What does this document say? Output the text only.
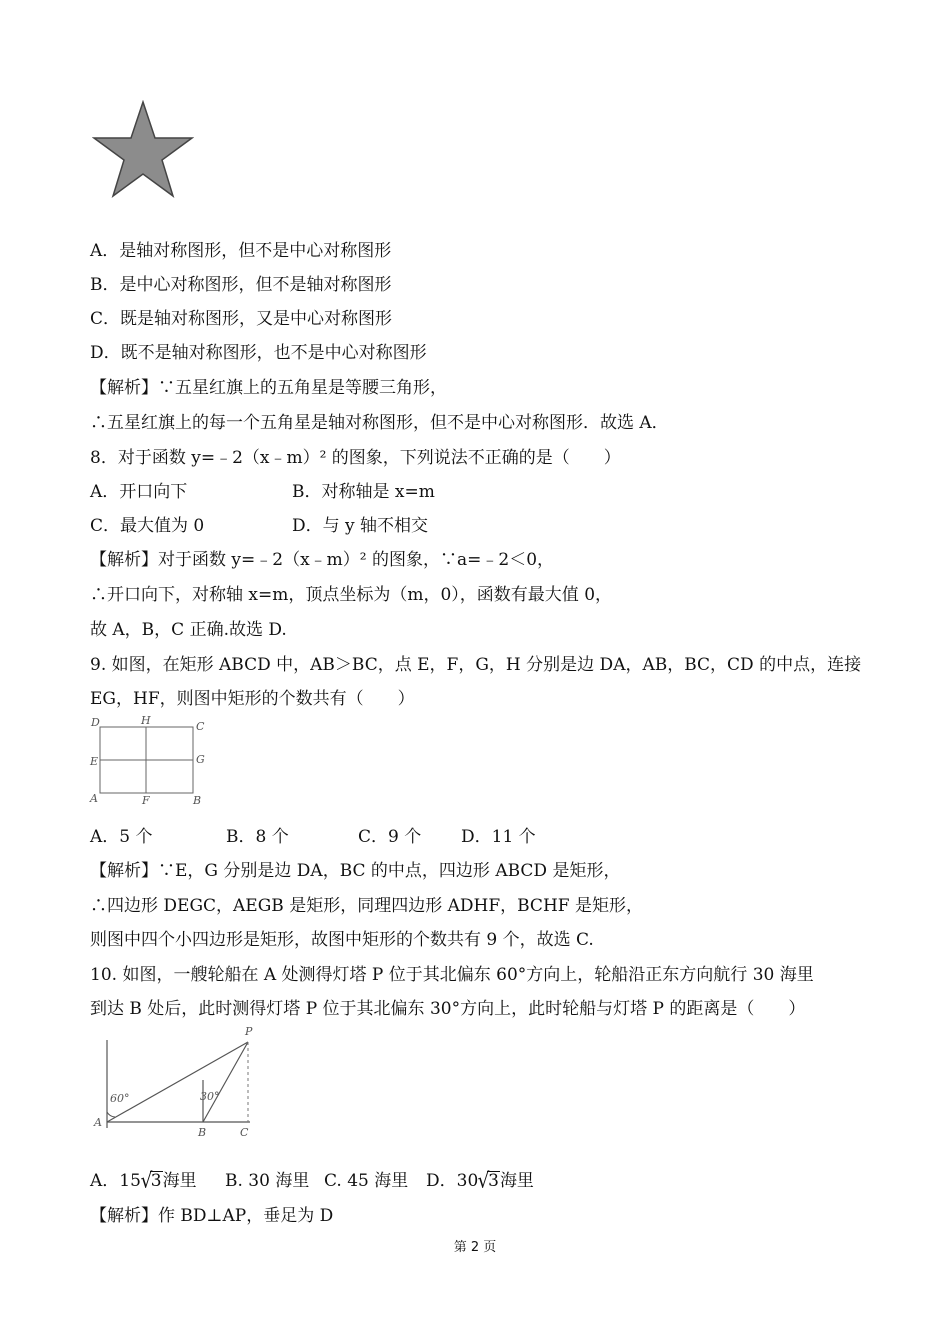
A．是轴对称图形，但不是中心对称图形
B．是中心对称图形，但不是轴对称图形
C．既是轴对称图形，又是中心对称图形
D．既不是轴对称图形，也不是中心对称图形
【解析】∵五星红旗上的五角星是等腰三角形，
∴五星红旗上的每一个五角星是轴对称图形，但不是中心对称图形．故选 A．
8．对于函数 y=﹣2（x﹣m）² 的图象，下列说法不正确的是（　　）
A．开口向下	B．对称轴是 x=m
C．最大值为 0	D．与 y 轴不相交
【解析】对于函数 y=﹣2（x﹣m）² 的图象，∵a=﹣2＜0，
∴开口向下，对称轴 x=m，顶点坐标为（m，0），函数有最大值 0，
故 A，B，C 正确.故选 D.
9. 如图，在矩形 ABCD 中，AB＞BC，点 E，F，G，H 分别是边 DA，AB，BC，CD 的中点，连接
EG，HF，则图中矩形的个数共有（　　）
D	H	C
E	G
A	F	B
A．5 个	B．8 个	C．9 个 D．11 个
【解析】∵E，G 分别是边 DA，BC 的中点，四边形 ABCD 是矩形，
∴四边形 DEGC，AEGB 是矩形，同理四边形 ADHF，BCHF 是矩形，
则图中四个小四边形是矩形，故图中矩形的个数共有 9 个，故选 C.
10. 如图，一艘轮船在 A 处测得灯塔 P 位于其北偏东 60°方向上，轮船沿正东方向航行 30 海里
到达 B 处后，此时测得灯塔 P 位于其北偏东 30°方向上，此时轮船与灯塔 P 的距离是（　　）
P
60°	30°
A
B	C
A．15√3海里 B. 30 海里 C. 45 海里 D．30√3海里
【解析】作 BD⊥AP，垂足为 D
第 2 页
